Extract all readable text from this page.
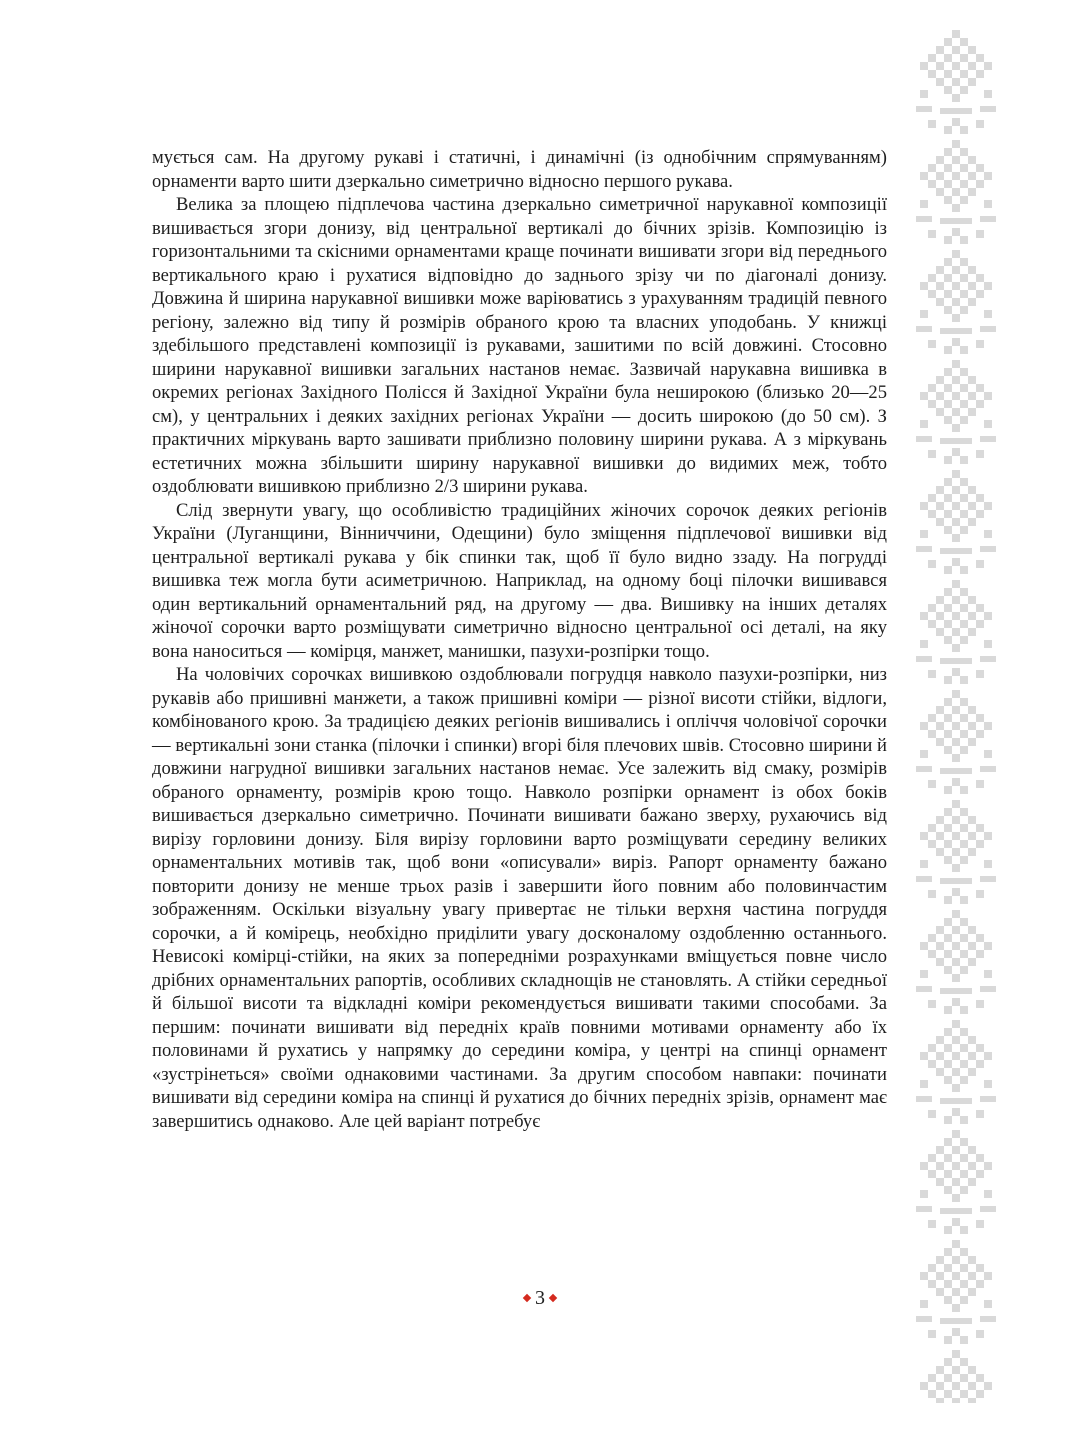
мується сам. На другому рукаві і статичні, і динамічні (із однобічним спрямуванням) орнаменти варто шити дзеркально симетрично відносно першого рукава.

Велика за площею підплечова частина дзеркально симетричної нарукавної композиції вишивається згори донизу, від центральної вертикалі до бічних зрізів. Композицію із горизонтальними та скісними орнаментами краще починати вишивати згори від переднього вертикального краю і рухатися відповідно до заднього зрізу чи по діагоналі донизу. Довжина й ширина нарукавної вишивки може варіюватись з урахуванням традицій певного регіону, залежно від типу й розмірів обраного крою та власних уподобань. У книжці здебільшого представлені композиції із рукавами, зашитими по всій довжині. Стосовно ширини нарукавної вишивки загальних настанов немає. Зазвичай нарукавна вишивка в окремих регіонах Західного Полісся й Західної України була неширокою (близько 20—25 см), у центральних і деяких західних регіонах України — досить широкою (до 50 см). З практичних міркувань варто зашивати приблизно половину ширини рукава. А з міркувань естетичних можна збільшити ширину нарукавної вишивки до видимих меж, тобто оздоблювати вишивкою приблизно 2/3 ширини рукава.

Слід звернути увагу, що особливістю традиційних жіночих сорочок деяких регіонів України (Луганщини, Вінниччини, Одещини) було зміщення підплечової вишивки від центральної вертикалі рукава у бік спинки так, щоб її було видно ззаду. На погрудді вишивка теж могла бути асиметричною. Наприклад, на одному боці пілочки вишивався один вертикальний орнаментальний ряд, на другому — два. Вишивку на інших деталях жіночої сорочки варто розміщувати симетрично відносно центральної осі деталі, на яку вона наноситься — комірця, манжет, манишки, пазухи-розпірки тощо.

На чоловічих сорочках вишивкою оздоблювали погрудця навколо пазухи-розпірки, низ рукавів або пришивні манжети, а також пришивні коміри — різної висоти стійки, відлоги, комбінованого крою. За традицією деяких регіонів вишивались і опліччя чоловічої сорочки — вертикальні зони станка (пілочки і спинки) вгорі біля плечових швів. Стосовно ширини й довжини нагрудної вишивки загальних настанов немає. Усе залежить від смаку, розмірів обраного орнаменту, розмірів крою тощо. Навколо розпірки орнамент із обох боків вишивається дзеркально симетрично. Починати вишивати бажано зверху, рухаючись від вирізу горловини донизу. Біля вирізу горловини варто розміщувати середину великих орнаментальних мотивів так, щоб вони «описували» виріз. Рапорт орнаменту бажано повторити донизу не менше трьох разів і завершити його повним або половинчастим зображенням. Оскільки візуальну увагу привертає не тільки верхня частина погруддя сорочки, а й комірець, необхідно приділити увагу досконалому оздобленню останнього. Невисокі комірці-стійки, на яких за попередніми розрахунками вміщується повне число дрібних орнаментальних рапортів, особливих складнощів не становлять. А стійки середньої й більшої висоти та відкладні коміри рекомендується вишивати такими способами. За першим: починати вишивати від передніх країв повними мотивами орнаменту або їх половинами й рухатись у напрямку до середини коміра, у центрі на спинці орнамент «зустрінеться» своїми однаковими частинами. За другим способом навпаки: починати вишивати від середини коміра на спинці й рухатися до бічних передніх зрізів, орнамент має завершитись однаково. Але цей варіант потребує

3
